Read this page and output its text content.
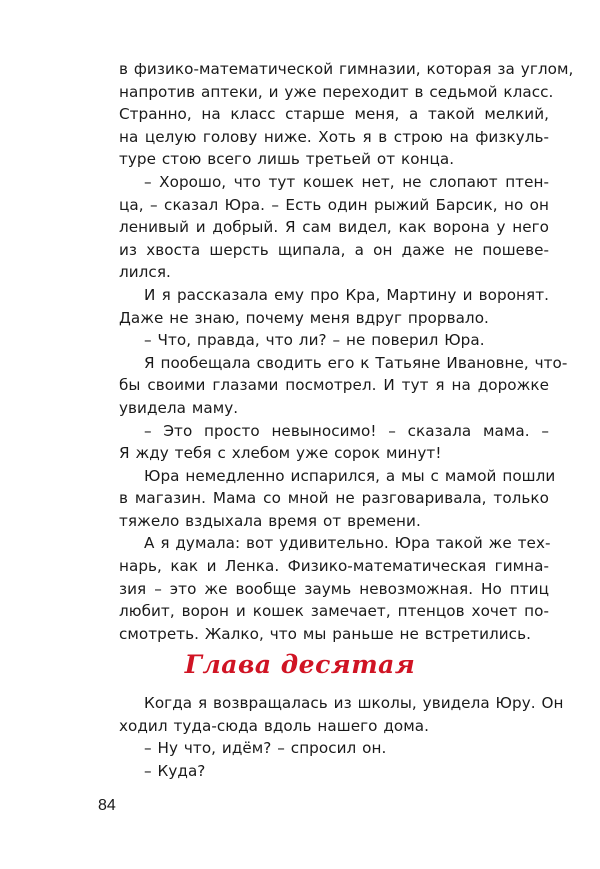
в физико-математической гимназии, которая за углом,
напротив аптеки, и уже переходит в седьмой класс.
Странно, на класс старше меня, а такой мелкий,
на целую голову ниже. Хоть я в строю на физкуль-
туре стою всего лишь третьей от конца.
– Хорошо, что тут кошек нет, не слопают птен-
ца, – сказал Юра. – Есть один рыжий Барсик, но он
ленивый и добрый. Я сам видел, как ворона у него
из хвоста шерсть щипала, а он даже не пошеве-
лился.
И я рассказала ему про Кра, Мартину и воронят.
Даже не знаю, почему меня вдруг прорвало.
– Что, правда, что ли? – не поверил Юра.
Я пообещала сводить его к Татьяне Ивановне, что-
бы своими глазами посмотрел. И тут я на дорожке
увидела маму.
– Это просто невыносимо! – сказала мама. –
Я жду тебя с хлебом уже сорок минут!
Юра немедленно испарился, а мы с мамой пошли
в магазин. Мама со мной не разговаривала, только
тяжело вздыхала время от времени.
А я думала: вот удивительно. Юра такой же тех-
нарь, как и Ленка. Физико-математическая гимна-
зия – это же вообще заумь невозможная. Но птиц
любит, ворон и кошек замечает, птенцов хочет по-
смотреть. Жалко, что мы раньше не встретились.
Глава десятая
Когда я возвращалась из школы, увидела Юру. Он
ходил туда-сюда вдоль нашего дома.
– Ну что, идём? – спросил он.
– Куда?
84
